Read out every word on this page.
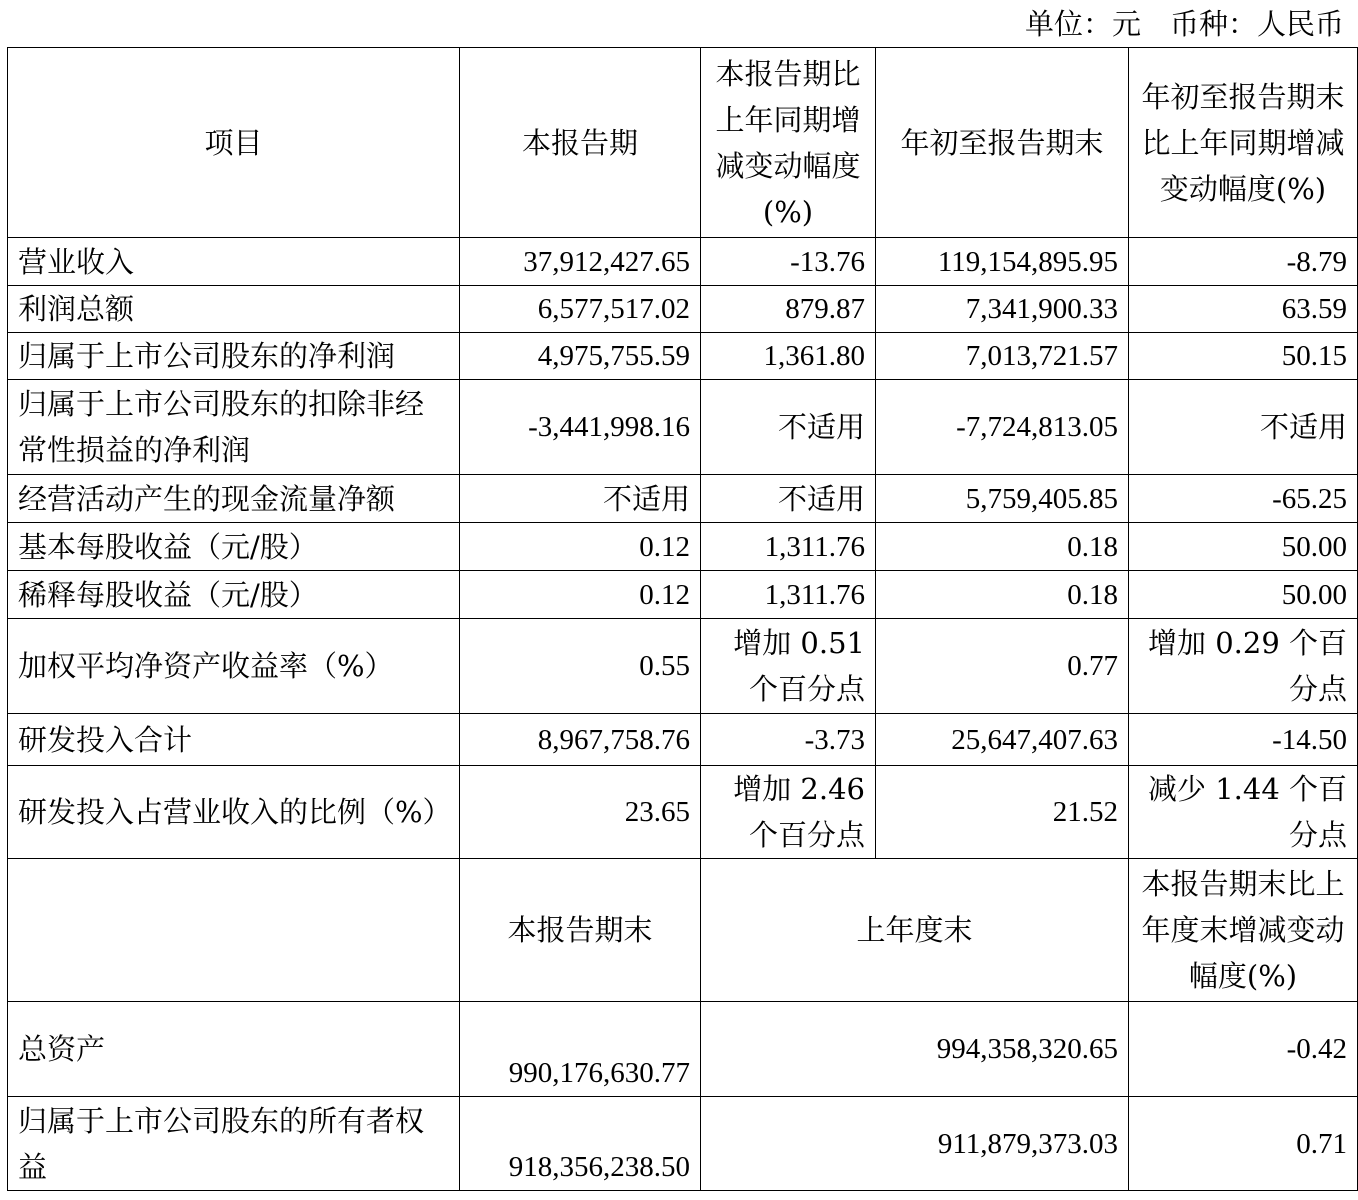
单位：元　币种：人民币
项目	本报告期	本报告期比上年同期增减变动幅度(%)	年初至报告期末	年初至报告期末比上年同期增减变动幅度(%)
营业收入	37,912,427.65	-13.76	119,154,895.95	-8.79
利润总额	6,577,517.02	879.87	7,341,900.33	63.59
归属于上市公司股东的净利润	4,975,755.59	1,361.80	7,013,721.57	50.15
归属于上市公司股东的扣除非经常性损益的净利润	-3,441,998.16	不适用	-7,724,813.05	不适用
经营活动产生的现金流量净额	不适用	不适用	5,759,405.85	-65.25
基本每股收益（元/股）	0.12	1,311.76	0.18	50.00
稀释每股收益（元/股）	0.12	1,311.76	0.18	50.00
加权平均净资产收益率（%）	0.55	增加 0.51 个百分点	0.77	增加 0.29 个百分点
研发投入合计	8,967,758.76	-3.73	25,647,407.63	-14.50
研发投入占营业收入的比例（%）	23.65	增加 2.46 个百分点	21.52	减少 1.44 个百分点
	本报告期末	上年度末		本报告期末比上年度末增减变动幅度(%)
总资产	990,176,630.77	994,358,320.65		-0.42
归属于上市公司股东的所有者权益	918,356,238.50	911,879,373.03		0.71
